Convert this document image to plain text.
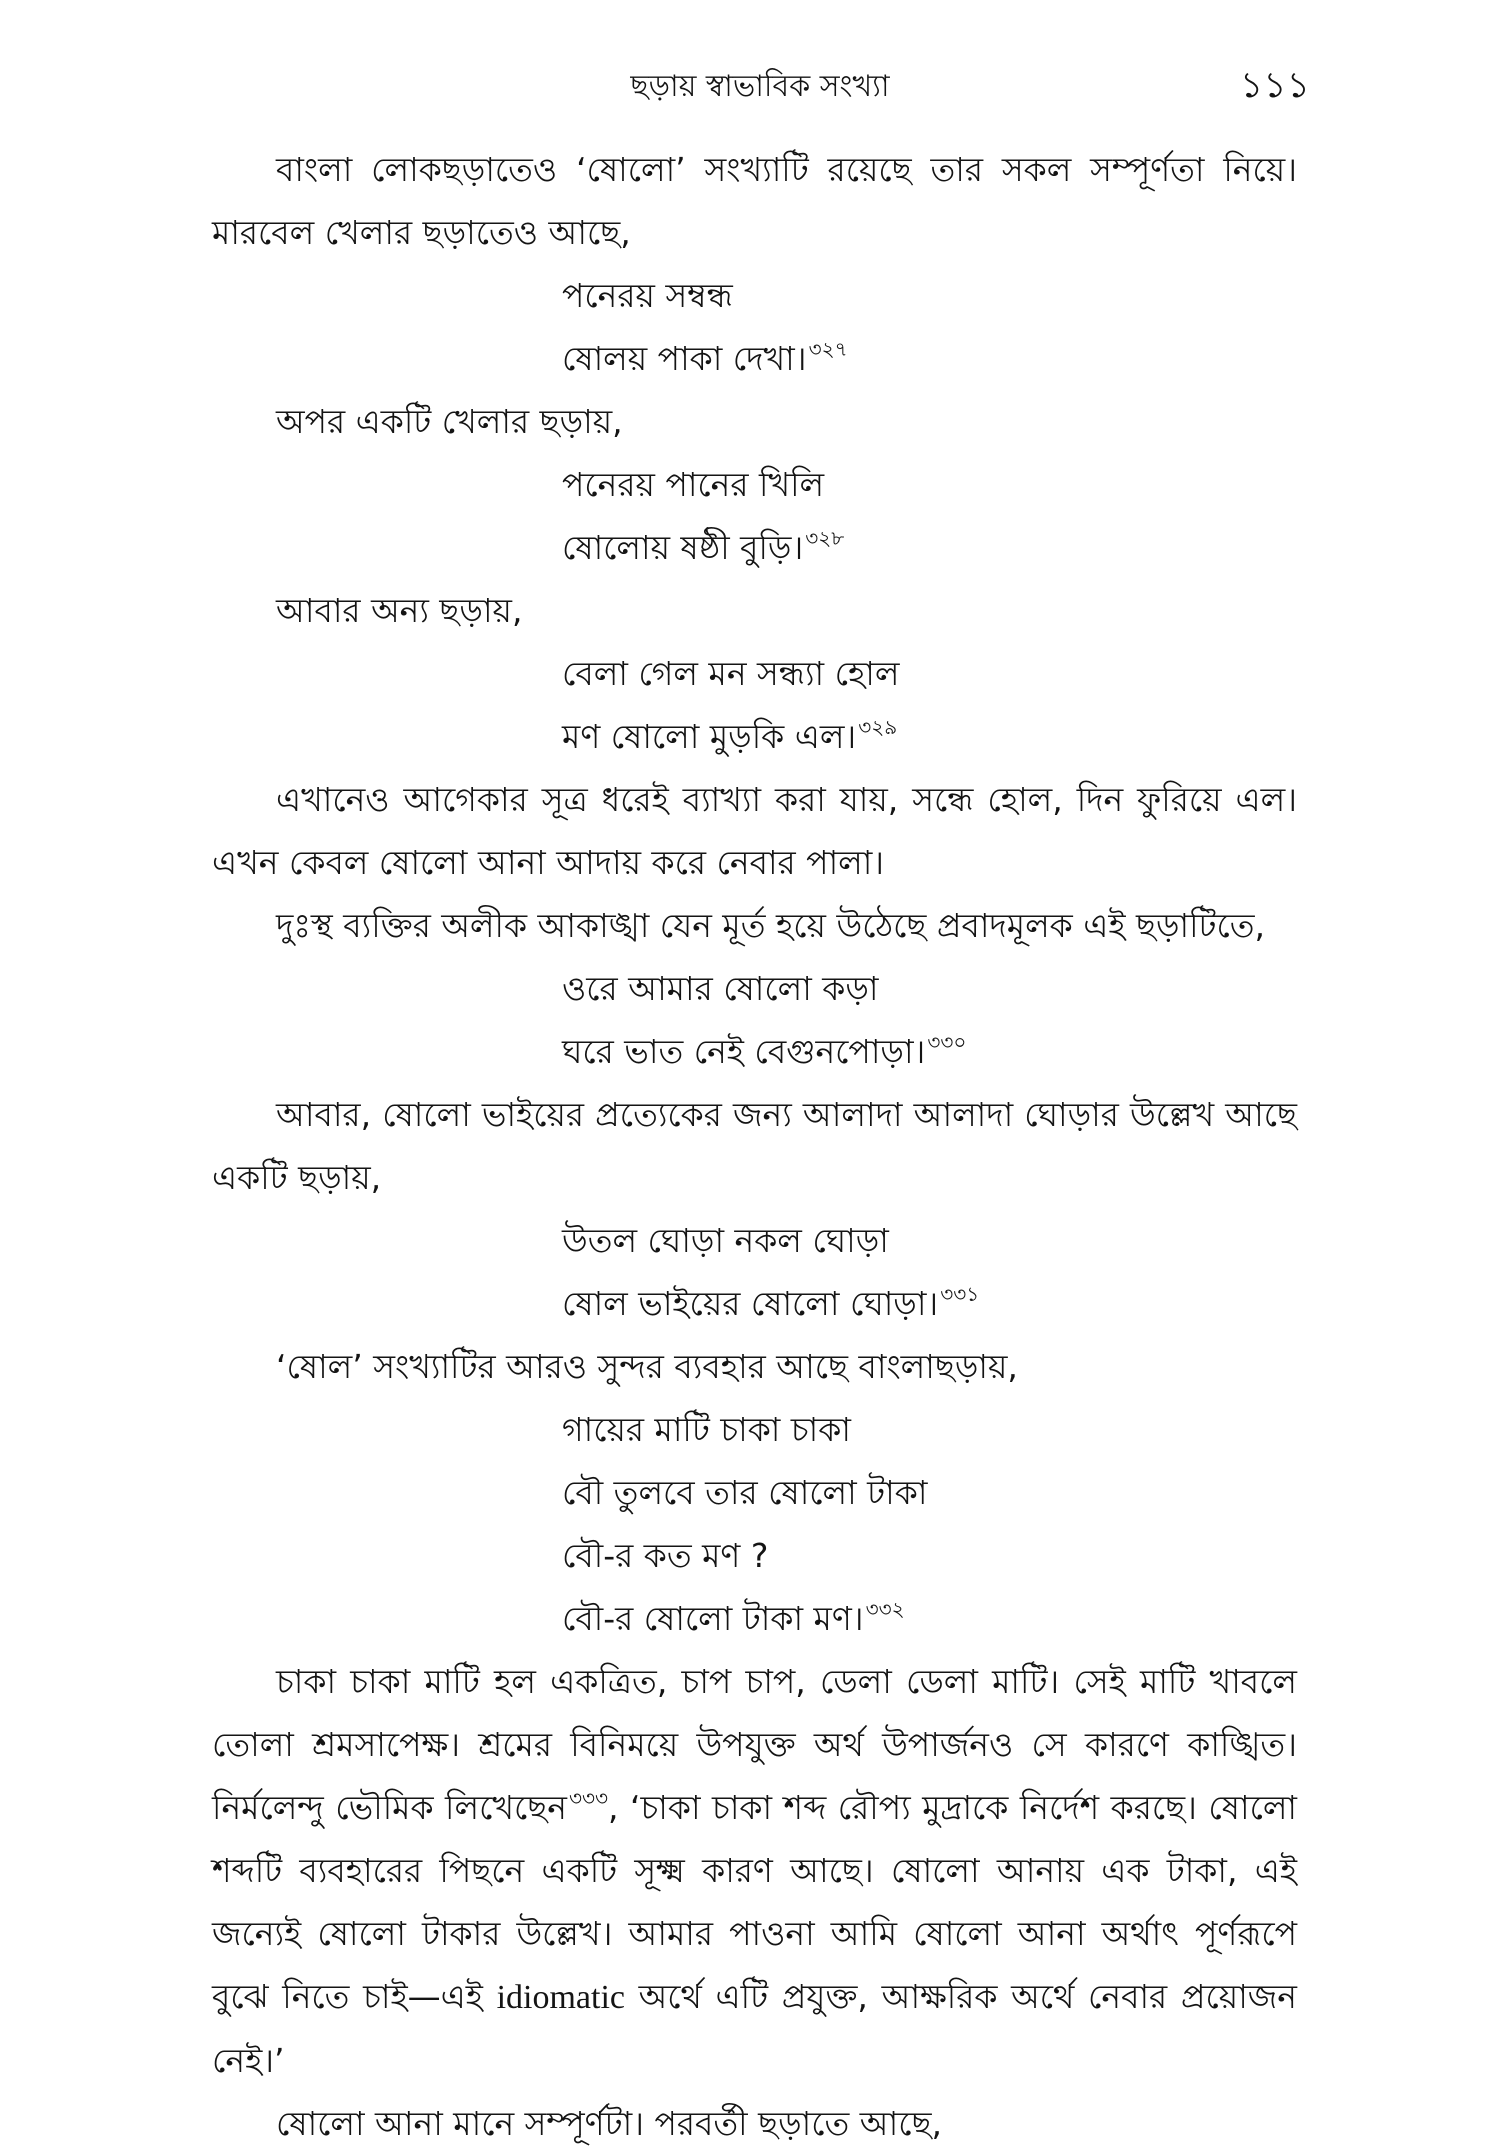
ছড়ায় স্বাভাবিক সংখ্যা	১১১

বাংলা লোকছড়াতেও ‘ষোলো’ সংখ্যাটি রয়েছে তার সকল সম্পূর্ণতা নিয়ে। মারবেল খেলার ছড়াতেও আছে,

পনেরয় সম্বন্ধ
ষোলয় পাকা দেখা। $^{৩২৭}$

অপর একটি খেলার ছড়ায়,

পনেরয় পানের খিলি
ষোলোয় ষষ্ঠী বুড়ি। $^{৩২৮}$

আবার অন্য ছড়ায়,

বেলা গেল মন সন্ধ্যা হোল
মণ ষোলো মুড়কি এল। $^{৩২৯}$

এখানেও আগেকার সূত্র ধরেই ব্যাখ্যা করা যায়, সন্ধে হোল, দিন ফুরিয়ে এল। এখন কেবল ষোলো আনা আদায় করে নেবার পালা।

দুঃস্থ ব্যক্তির অলীক আকাঙ্খা যেন মূর্ত হয়ে উঠেছে প্রবাদমূলক এই ছড়াটিতে,

ওরে আমার ষোলো কড়া
ঘরে ভাত নেই বেগুনপোড়া। $^{৩৩০}$

আবার, ষোলো ভাইয়ের প্রত্যেকের জন্য আলাদা আলাদা ঘোড়ার উল্লেখ আছে একটি ছড়ায়,

উতল ঘোড়া নকল ঘোড়া
ষোল ভাইয়ের ষোলো ঘোড়া। $^{৩৩১}$

‘ষোল’ সংখ্যাটির আরও সুন্দর ব্যবহার আছে বাংলাছড়ায়,

গায়ের মাটি চাকা চাকা
বৌ তুলবে তার ষোলো টাকা
বৌ-র কত মণ ?
বৌ-র ষোলো টাকা মণ। $^{৩৩২}$

চাকা চাকা মাটি হল একত্রিত, চাপ চাপ, ডেলা ডেলা মাটি। সেই মাটি খাবলে তোলা শ্রমসাপেক্ষ। শ্রমের বিনিময়ে উপযুক্ত অর্থ উপার্জনও সে কারণে কাঙ্খিত। নির্মলেন্দু ভৌমিক লিখেছেন $^{৩৩৩}$, ‘চাকা চাকা শব্দ রৌপ্য মুদ্রাকে নির্দেশ করছে। ষোলো শব্দটি ব্যবহারের পিছনে একটি সূক্ষ্ম কারণ আছে। ষোলো আনায় এক টাকা, এই জন্যেই ষোলো টাকার উল্লেখ। আমার পাওনা আমি ষোলো আনা অর্থাৎ পূর্ণরূপে বুঝে নিতে চাই—এই idiomatic অর্থে এটি প্রযুক্ত, আক্ষরিক অর্থে নেবার প্রয়োজন নেই।’

ষোলো আনা মানে সম্পূর্ণটা। পরবর্তী ছড়াতে আছে,
